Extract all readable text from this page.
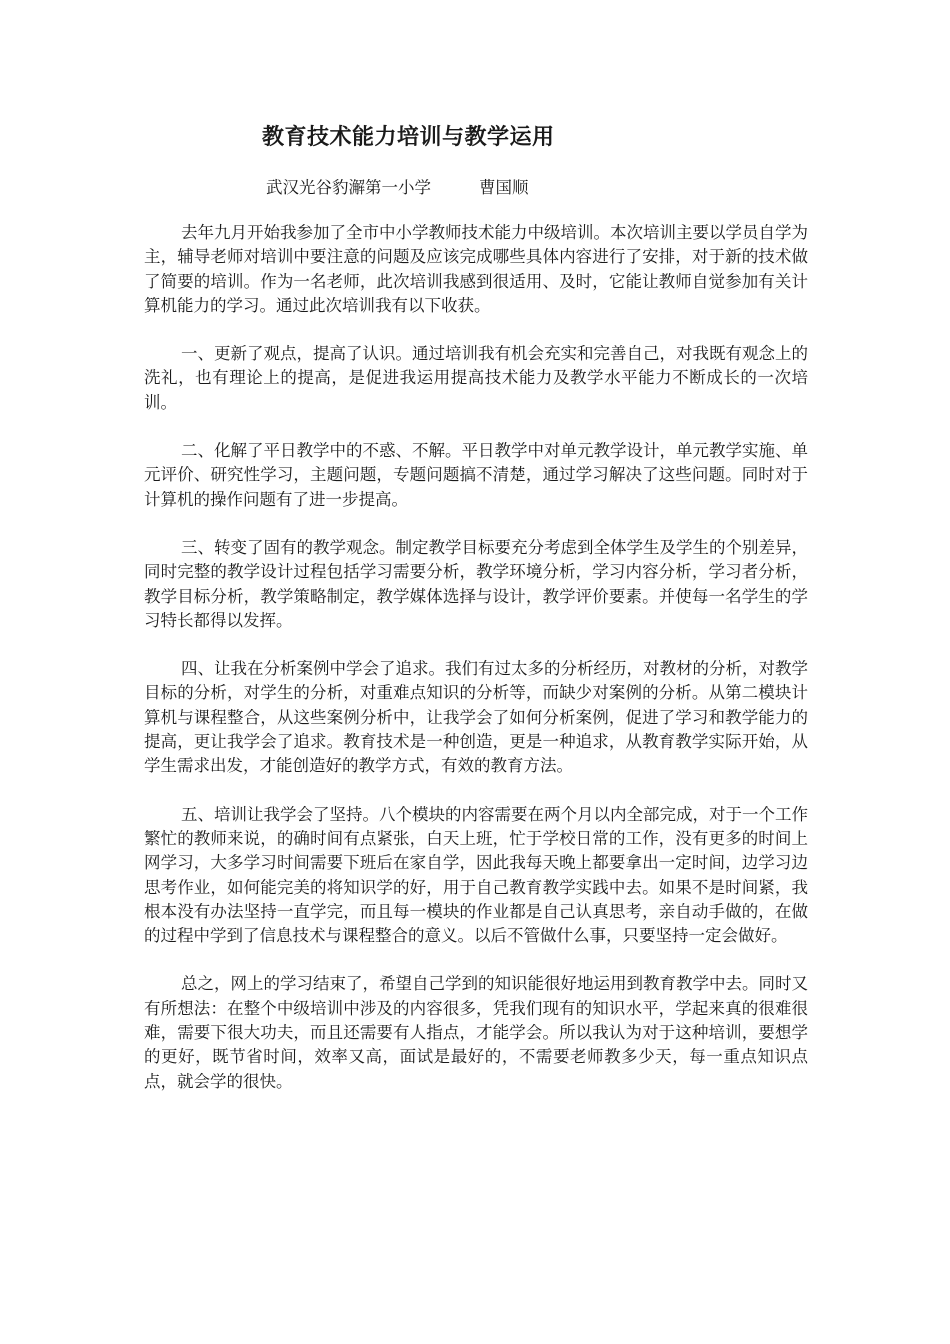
教育技术能力培训与教学运用
武汉光谷豹澥第一小学	曹国顺

去年九月开始我参加了全市中小学教师技术能力中级培训。本次培训主要以学员自学为主，辅导老师对培训中要注意的问题及应该完成哪些具体内容进行了安排，对于新的技术做了简要的培训。作为一名老师，此次培训我感到很适用、及时，它能让教师自觉参加有关计算机能力的学习。通过此次培训我有以下收获。

一、更新了观点，提高了认识。通过培训我有机会充实和完善自己，对我既有观念上的洗礼，也有理论上的提高，是促进我运用提高技术能力及教学水平能力不断成长的一次培训。

二、化解了平日教学中的不惑、不解。平日教学中对单元教学设计，单元教学实施、单元评价、研究性学习，主题问题，专题问题搞不清楚，通过学习解决了这些问题。同时对于计算机的操作问题有了进一步提高。

三、转变了固有的教学观念。制定教学目标要充分考虑到全体学生及学生的个别差异，同时完整的教学设计过程包括学习需要分析，教学环境分析，学习内容分析，学习者分析，教学目标分析，教学策略制定，教学媒体选择与设计，教学评价要素。并使每一名学生的学习特长都得以发挥。

四、让我在分析案例中学会了追求。我们有过太多的分析经历，对教材的分析，对教学目标的分析，对学生的分析，对重难点知识的分析等，而缺少对案例的分析。从第二模块计算机与课程整合，从这些案例分析中，让我学会了如何分析案例，促进了学习和教学能力的提高，更让我学会了追求。教育技术是一种创造，更是一种追求，从教育教学实际开始，从学生需求出发，才能创造好的教学方式，有效的教育方法。

五、培训让我学会了坚持。八个模块的内容需要在两个月以内全部完成，对于一个工作繁忙的教师来说，的确时间有点紧张，白天上班，忙于学校日常的工作，没有更多的时间上网学习，大多学习时间需要下班后在家自学，因此我每天晚上都要拿出一定时间，边学习边思考作业，如何能完美的将知识学的好，用于自己教育教学实践中去。如果不是时间紧，我根本没有办法坚持一直学完，而且每一模块的作业都是自己认真思考，亲自动手做的，在做的过程中学到了信息技术与课程整合的意义。以后不管做什么事，只要坚持一定会做好。

总之，网上的学习结束了，希望自己学到的知识能很好地运用到教育教学中去。同时又有所想法：在整个中级培训中涉及的内容很多，凭我们现有的知识水平，学起来真的很难很难，需要下很大功夫，而且还需要有人指点，才能学会。所以我认为对于这种培训，要想学的更好，既节省时间，效率又高，面试是最好的，不需要老师教多少天，每一重点知识点点，就会学的很快。
